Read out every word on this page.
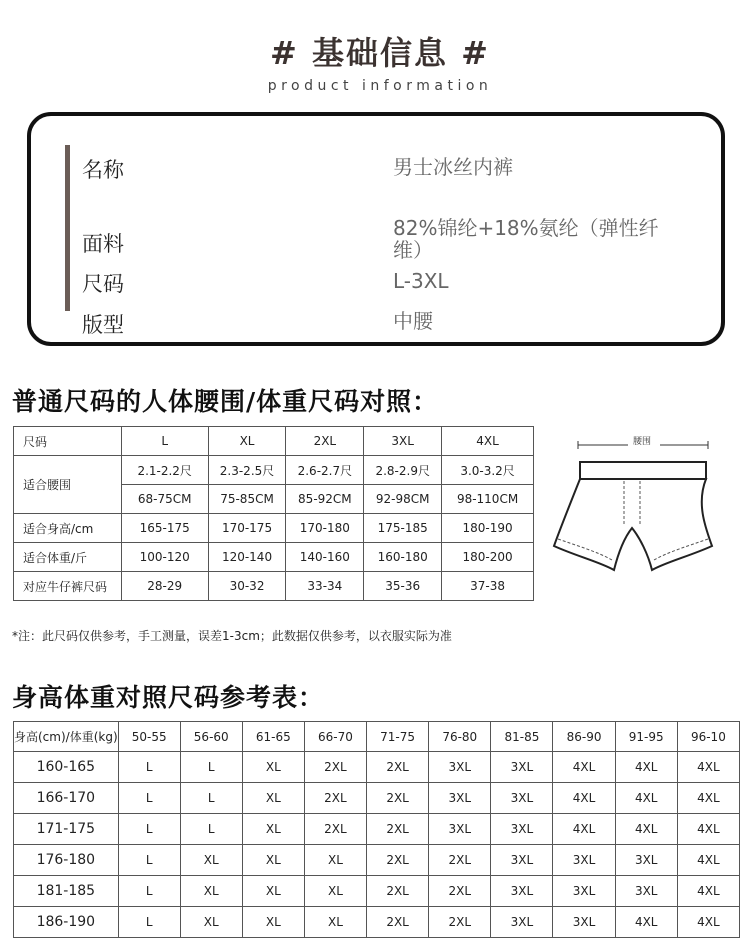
# 基础信息 #
product information
名称	男士冰丝内裤
面料
82%锦纶+18%氨纶（弹性纤维）
尺码	L-3XL
版型	中腰
普通尺码的人体腰围/体重尺码对照：
尺码	L	XL	2XL	3XL	4XL
适合腰围	2.1-2.2尺	2.3-2.5尺	2.6-2.7尺	2.8-2.9尺	3.0-3.2尺
	68-75CM	75-85CM	85-92CM	92-98CM	98-110CM
适合身高/cm	165-175	170-175	170-180	175-185	180-190
适合体重/斤	100-120	120-140	140-160	160-180	180-200
对应牛仔裤尺码	28-29	30-32	33-34	35-36	37-38
腰围
*注：此尺码仅供参考，手工测量，误差1-3cm；此数据仅供参考，以衣服实际为准
身高体重对照尺码参考表：
身高(cm)/体重(kg)	50-55	56-60	61-65	66-70	71-75	76-80	81-85	86-90	91-95	96-10
160-165	L	L	XL	2XL	2XL	3XL	3XL	4XL	4XL	4XL
166-170	L	L	XL	2XL	2XL	3XL	3XL	4XL	4XL	4XL
171-175	L	L	XL	2XL	2XL	3XL	3XL	4XL	4XL	4XL
176-180	L	XL	XL	XL	2XL	2XL	3XL	3XL	3XL	4XL
181-185	L	XL	XL	XL	2XL	2XL	3XL	3XL	3XL	4XL
186-190	L	XL	XL	XL	2XL	2XL	3XL	3XL	4XL	4XL
